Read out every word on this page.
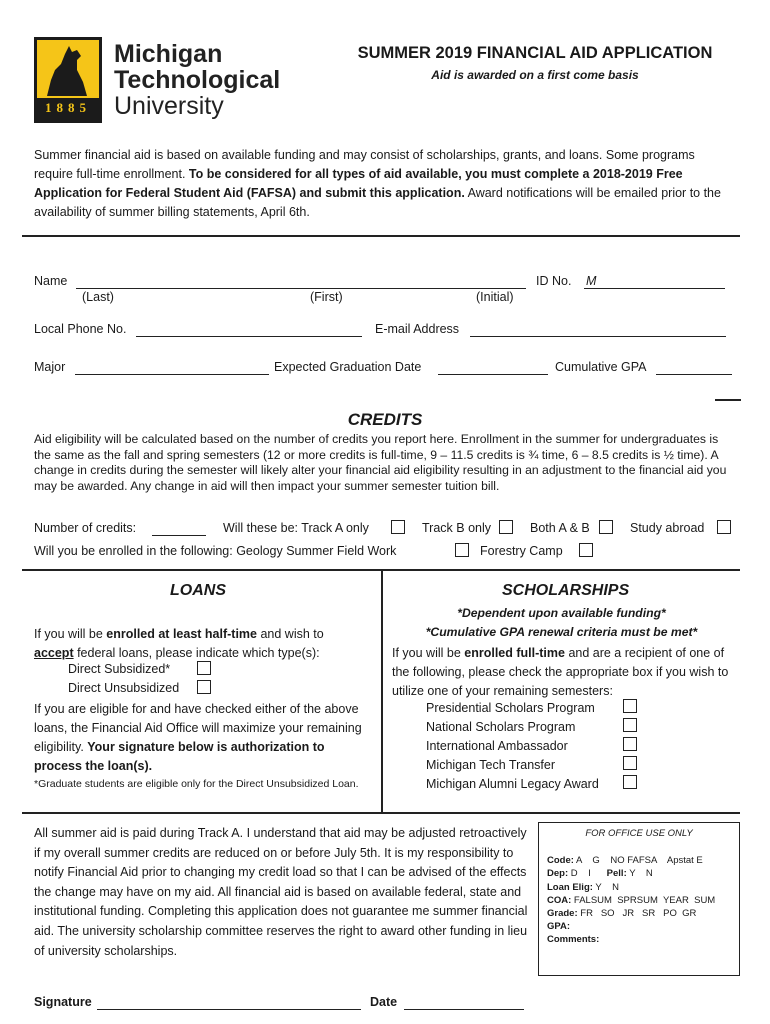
1885
Michigan
Technological
University
SUMMER 2019 FINANCIAL AID APPLICATION
Aid is awarded on a first come basis
Summer financial aid is based on available funding and may consist of scholarships, grants, and loans. Some programs require full-time enrollment. To be considered for all types of aid available, you must complete a 2018-2019 Free Application for Federal Student Aid (FAFSA) and submit this application. Award notifications will be emailed prior to the availability of summer billing statements, April 6th.
Name
(Last)	(First)	(Initial)
ID No. M
Local Phone No.	E-mail Address
Major	Expected Graduation Date	Cumulative GPA
CREDITS
Aid eligibility will be calculated based on the number of credits you report here. Enrollment in the summer for undergraduates is the same as the fall and spring semesters (12 or more credits is full-time, 9 – 11.5 credits is ¾ time, 6 – 8.5 credits is ½ time). A change in credits during the semester will likely alter your financial aid eligibility resulting in an adjustment to the financial aid you may be awarded. Any change in aid will then impact your summer semester tuition bill.
Number of credits:	Will these be: Track A only	Track B only	Both A & B	Study abroad
Will you be enrolled in the following: Geology Summer Field Work	Forestry Camp
LOANS
If you will be enrolled at least half-time and wish to accept federal loans, please indicate which type(s):
Direct Subsidized*
Direct Unsubsidized
If you are eligible for and have checked either of the above loans, the Financial Aid Office will maximize your remaining eligibility. Your signature below is authorization to process the loan(s).
*Graduate students are eligible only for the Direct Unsubsidized Loan.
SCHOLARSHIPS
*Dependent upon available funding*
*Cumulative GPA renewal criteria must be met*
If you will be enrolled full-time and are a recipient of one of the following, please check the appropriate box if you wish to utilize one of your remaining semesters:
Presidential Scholars Program
National Scholars Program
International Ambassador
Michigan Tech Transfer
Michigan Alumni Legacy Award
All summer aid is paid during Track A. I understand that aid may be adjusted retroactively if my overall summer credits are reduced on or before July 5th. It is my responsibility to notify Financial Aid prior to changing my credit load so that I can be advised of the effects the change may have on my aid. All financial aid is based on available federal, state and institutional funding. Completing this application does not guarantee me summer financial aid. The university scholarship committee reserves the right to award other funding in lieu of university scholarships.
FOR OFFICE USE ONLY
Code: A    G    NO FAFSA    Apstat E
Dep: D    I Pell: Y    N
Loan Elig: Y    N
COA: FALSUM  SPRSUM  YEAR  SUM
Grade: FR   SO   JR   SR   PO  GR
GPA:
Comments:
Signature	Date
